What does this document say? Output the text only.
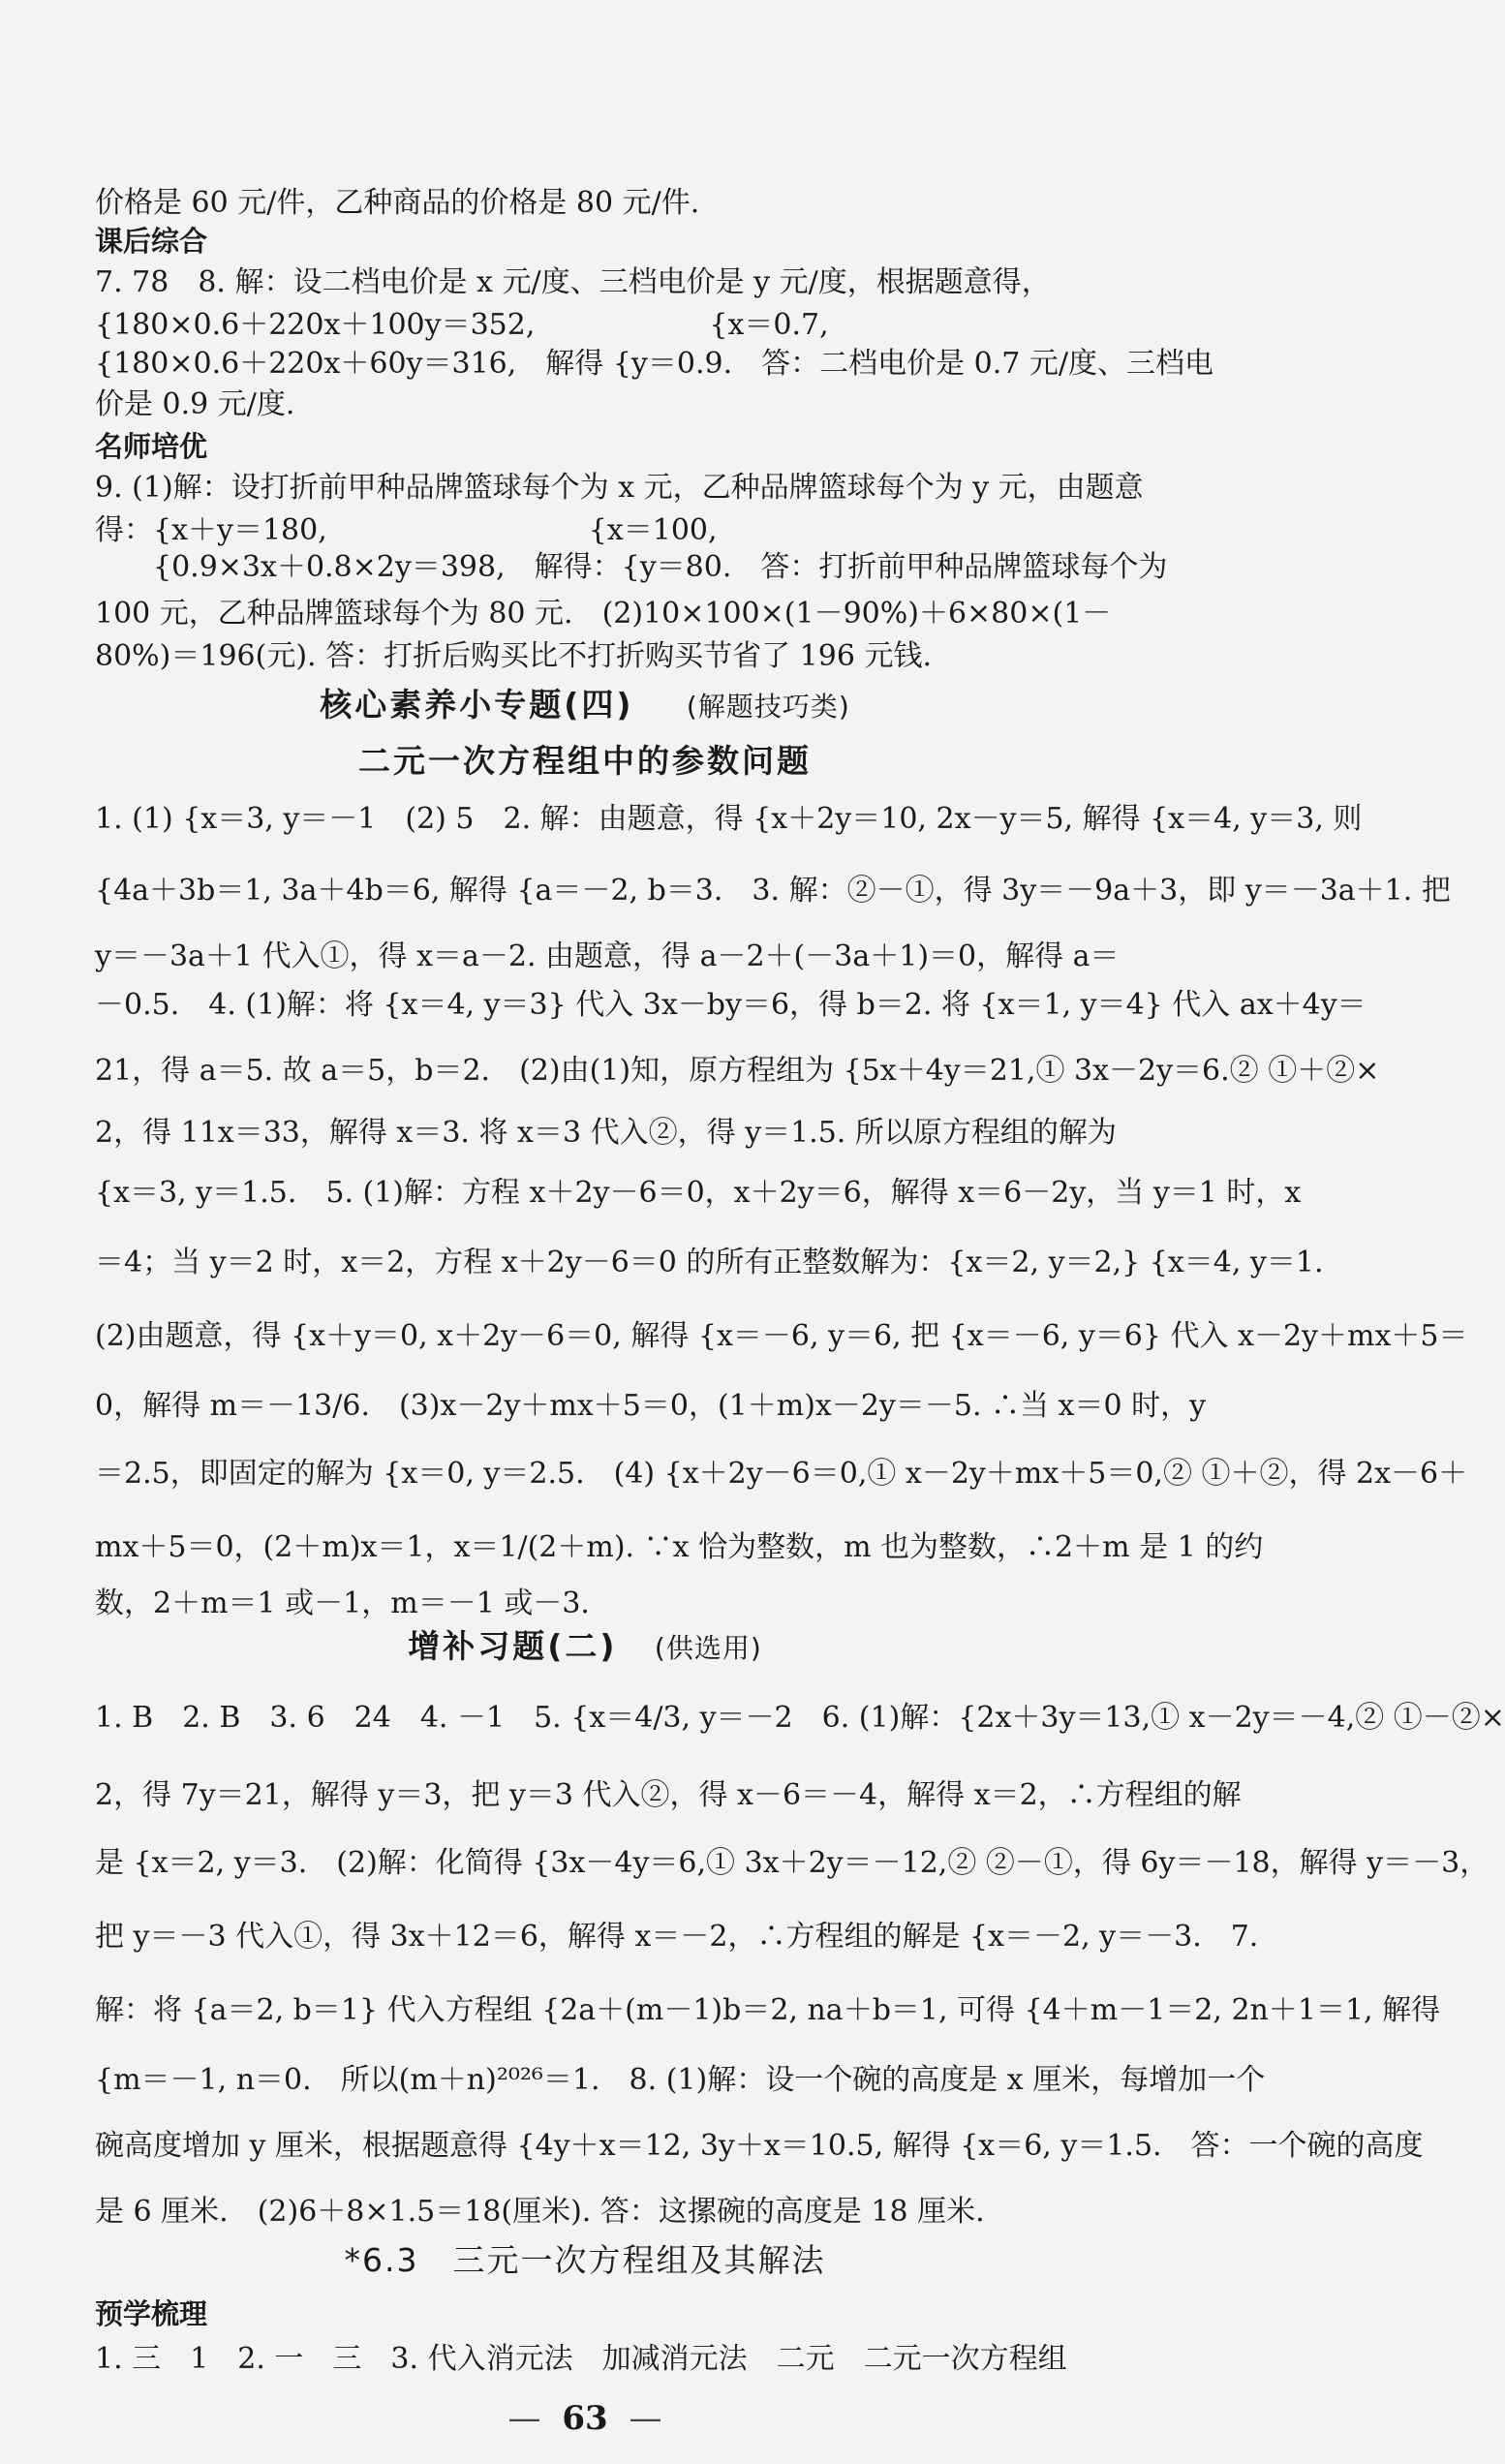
价格是 60 元/件，乙种商品的价格是 80 元/件.
课后综合
7. 78　8. 解：设二档电价是 x 元/度、三档电价是 y 元/度，根据题意得，
{180×0.6＋220x＋100y＝352,　　　　　　{x＝0.7,
{180×0.6＋220x＋60y＝316,　解得 {y＝0.9.　答：二档电价是 0.7 元/度、三档电
价是 0.9 元/度.
名师培优
9. (1)解：设打折前甲种品牌篮球每个为 x 元，乙种品牌篮球每个为 y 元，由题意
得：{x＋y＝180,　　　　　　　　　{x＝100,
　　{0.9×3x＋0.8×2y＝398,　解得：{y＝80.　答：打折前甲种品牌篮球每个为
100 元，乙种品牌篮球每个为 80 元.　(2)10×100×(1－90%)＋6×80×(1－
80%)＝196(元). 答：打折后购买比不打折购买节省了 196 元钱.
核心素养小专题(四) (解题技巧类)
二元一次方程组中的参数问题
1. (1) {x＝3, y＝－1　(2) 5　2. 解：由题意，得 {x＋2y＝10, 2x－y＝5, 解得 {x＝4, y＝3, 则
{4a＋3b＝1, 3a＋4b＝6, 解得 {a＝－2, b＝3.　3. 解：②－①，得 3y＝－9a＋3，即 y＝－3a＋1. 把
y＝－3a＋1 代入①，得 x＝a－2. 由题意，得 a－2＋(－3a＋1)＝0，解得 a＝
－0.5.　4. (1)解：将 {x＝4, y＝3} 代入 3x－by＝6，得 b＝2. 将 {x＝1, y＝4} 代入 ax＋4y＝
21，得 a＝5. 故 a＝5，b＝2.　(2)由(1)知，原方程组为 {5x＋4y＝21,① 3x－2y＝6.② ①＋②×
2，得 11x＝33，解得 x＝3. 将 x＝3 代入②，得 y＝1.5. 所以原方程组的解为
{x＝3, y＝1.5.　5. (1)解：方程 x＋2y－6＝0，x＋2y＝6，解得 x＝6－2y，当 y＝1 时，x
＝4；当 y＝2 时，x＝2，方程 x＋2y－6＝0 的所有正整数解为：{x＝2, y＝2,} {x＝4, y＝1.
(2)由题意，得 {x＋y＝0, x＋2y－6＝0, 解得 {x＝－6, y＝6, 把 {x＝－6, y＝6} 代入 x－2y＋mx＋5＝
0，解得 m＝－13/6.　(3)x－2y＋mx＋5＝0，(1＋m)x－2y＝－5. ∴当 x＝0 时，y
＝2.5，即固定的解为 {x＝0, y＝2.5.　(4) {x＋2y－6＝0,① x－2y＋mx＋5＝0,② ①＋②，得 2x－6＋
mx＋5＝0，(2＋m)x＝1，x＝1/(2＋m). ∵x 恰为整数，m 也为整数，∴2＋m 是 1 的约
数，2＋m＝1 或－1，m＝－1 或－3.
增补习题(二) (供选用)
1. B　2. B　3. 6　24　4. －1　5. {x＝4/3, y＝－2　6. (1)解：{2x＋3y＝13,① x－2y＝－4,② ①－②×
2，得 7y＝21，解得 y＝3，把 y＝3 代入②，得 x－6＝－4，解得 x＝2，∴方程组的解
是 {x＝2, y＝3.　(2)解：化简得 {3x－4y＝6,① 3x＋2y＝－12,② ②－①，得 6y＝－18，解得 y＝－3，
把 y＝－3 代入①，得 3x＋12＝6，解得 x＝－2，∴方程组的解是 {x＝－2, y＝－3.　7.
解：将 {a＝2, b＝1} 代入方程组 {2a＋(m－1)b＝2, na＋b＝1, 可得 {4＋m－1＝2, 2n＋1＝1, 解得
{m＝－1, n＝0.　所以(m＋n)²⁰²⁶＝1.　8. (1)解：设一个碗的高度是 x 厘米，每增加一个
碗高度增加 y 厘米，根据题意得 {4y＋x＝12, 3y＋x＝10.5, 解得 {x＝6, y＝1.5.　答：一个碗的高度
是 6 厘米.　(2)6＋8×1.5＝18(厘米). 答：这摞碗的高度是 18 厘米.
*6.3　三元一次方程组及其解法
预学梳理
1. 三　1　2. 一　三　3. 代入消元法　加减消元法　二元　二元一次方程组
— 63 —
